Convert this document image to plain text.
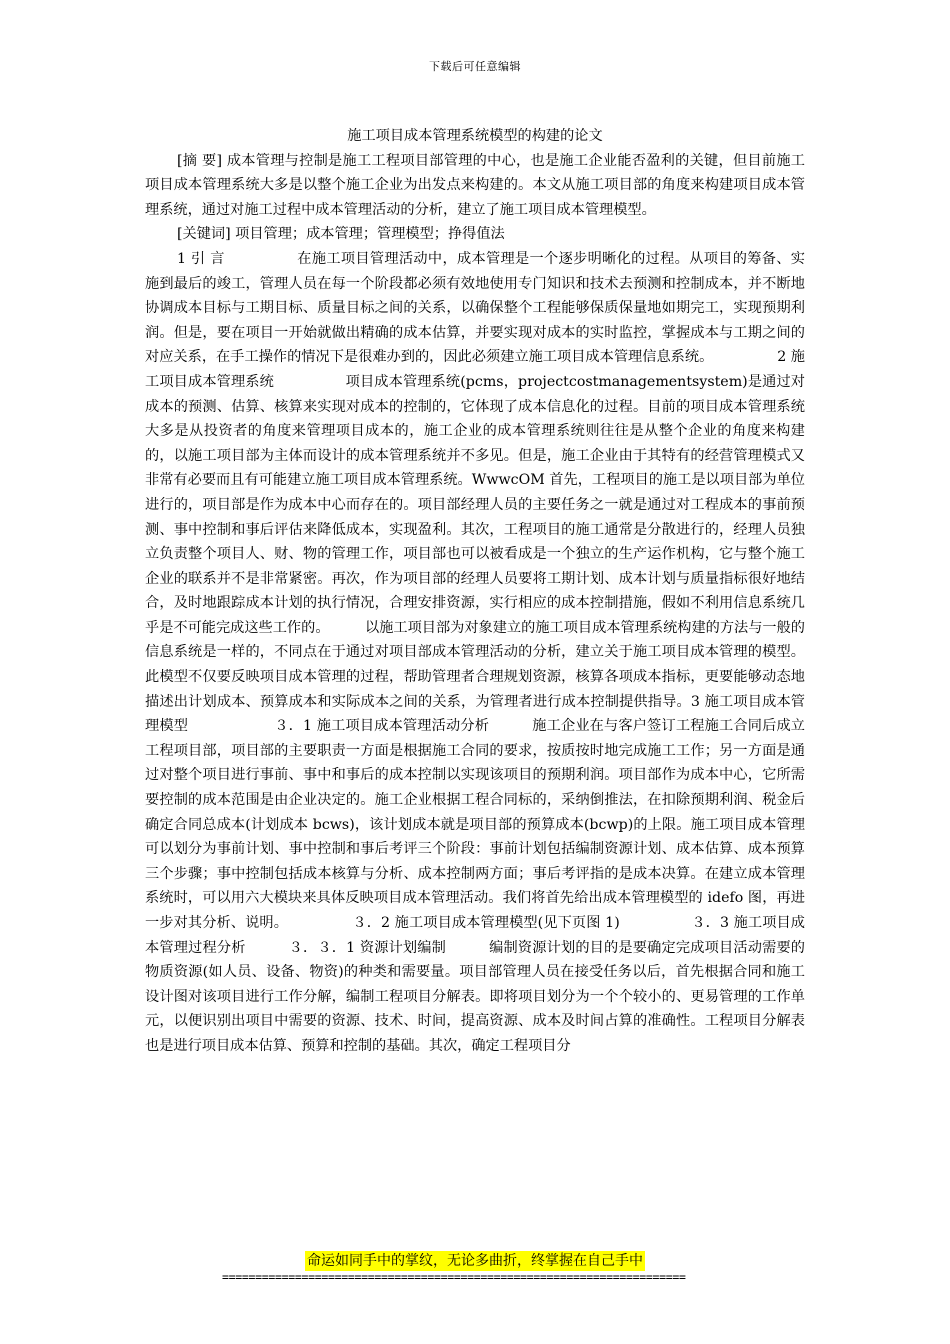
下载后可任意编辑

施工项目成本管理系统模型的构建的论文

[摘 要] 成本管理与控制是施工工程项目部管理的中心，也是施工企业能否盈利的关键，但目前施工项目成本管理系统大多是以整个施工企业为出发点来构建的。本文从施工项目部的角度来构建项目成本管理系统，通过对施工过程中成本管理活动的分析，建立了施工项目成本管理模型。

[关键词] 项目管理；成本管理；管理模型；挣得值法

1 引 言　　　　　在施工项目管理活动中，成本管理是一个逐步明晰化的过程。从项目的筹备、实施到最后的竣工，管理人员在每一个阶段都必须有效地使用专门知识和技术去预测和控制成本，并不断地协调成本目标与工期目标、质量目标之间的关系，以确保整个工程能够保质保量地如期完工，实现预期利润。但是，要在项目一开始就做出精确的成本估算，并要实现对成本的实时监控，掌握成本与工期之间的对应关系，在手工操作的情况下是很难办到的，因此必须建立施工项目成本管理信息系统。　　　　　2 施工项目成本管理系统　　　　　项目成本管理系统(pcms，projectcostmanagementsystem)是通过对成本的预测、估算、核算来实现对成本的控制的，它体现了成本信息化的过程。目前的项目成本管理系统大多是从投资者的角度来管理项目成本的，施工企业的成本管理系统则往往是从整个企业的角度来构建的，以施工项目部为主体而设计的成本管理系统并不多见。但是，施工企业由于其特有的经营管理模式又非常有必要而且有可能建立施工项目成本管理系统。WwwcOM 首先，工程项目的施工是以项目部为单位进行的，项目部是作为成本中心而存在的。项目部经理人员的主要任务之一就是通过对工程成本的事前预测、事中控制和事后评估来降低成本，实现盈利。其次，工程项目的施工通常是分散进行的，经理人员独立负责整个项目人、财、物的管理工作，项目部也可以被看成是一个独立的生产运作机构，它与整个施工企业的联系并不是非常紧密。再次，作为项目部的经理人员要将工期计划、成本计划与质量指标很好地结合，及时地跟踪成本计划的执行情况，合理安排资源，实行相应的成本控制措施，假如不利用信息系统几乎是不可能完成这些工作的。　　　以施工项目部为对象建立的施工项目成本管理系统构建的方法与一般的信息系统是一样的，不同点在于通过对项目部成本管理活动的分析，建立关于施工项目成本管理的模型。此模型不仅要反映项目成本管理的过程，帮助管理者合理规划资源，核算各项成本指标，更要能够动态地描述出计划成本、预算成本和实际成本之间的关系，为管理者进行成本控制提供指导。3 施工项目成本管理模型　　　　　　３．1 施工项目成本管理活动分析　　　施工企业在与客户签订工程施工合同后成立工程项目部，项目部的主要职责一方面是根据施工合同的要求，按质按时地完成施工工作；另一方面是通过对整个项目进行事前、事中和事后的成本控制以实现该项目的预期利润。项目部作为成本中心，它所需要控制的成本范围是由企业决定的。施工企业根据工程合同标的，采纳倒推法，在扣除预期利润、税金后确定合同总成本(计划成本 bcws)，该计划成本就是项目部的预算成本(bcwp)的上限。施工项目成本管理可以划分为事前计划、事中控制和事后考评三个阶段：事前计划包括编制资源计划、成本估算、成本预算三个步骤；事中控制包括成本核算与分析、成本控制两方面；事后考评指的是成本决算。在建立成本管理系统时，可以用六大模块来具体反映项目成本管理活动。我们将首先给出成本管理模型的 idefo 图，再进一步对其分析、说明。　　　　　３．2 施工项目成本管理模型(见下页图 1)　　　　　３．3 施工项目成本管理过程分析　　　３．３．1 资源计划编制　　　编制资源计划的目的是要确定完成项目活动需要的物质资源(如人员、设备、物资)的种类和需要量。项目部管理人员在接受任务以后，首先根据合同和施工设计图对该项目进行工作分解，编制工程项目分解表。即将项目划分为一个个较小的、更易管理的工作单元，以便识别出项目中需要的资源、技术、时间，提高资源、成本及时间占算的准确性。工程项目分解表也是进行项目成本估算、预算和控制的基础。其次，确定工程项目分

命运如同手中的掌纹，无论多曲折，终掌握在自己手中
======================================================================
